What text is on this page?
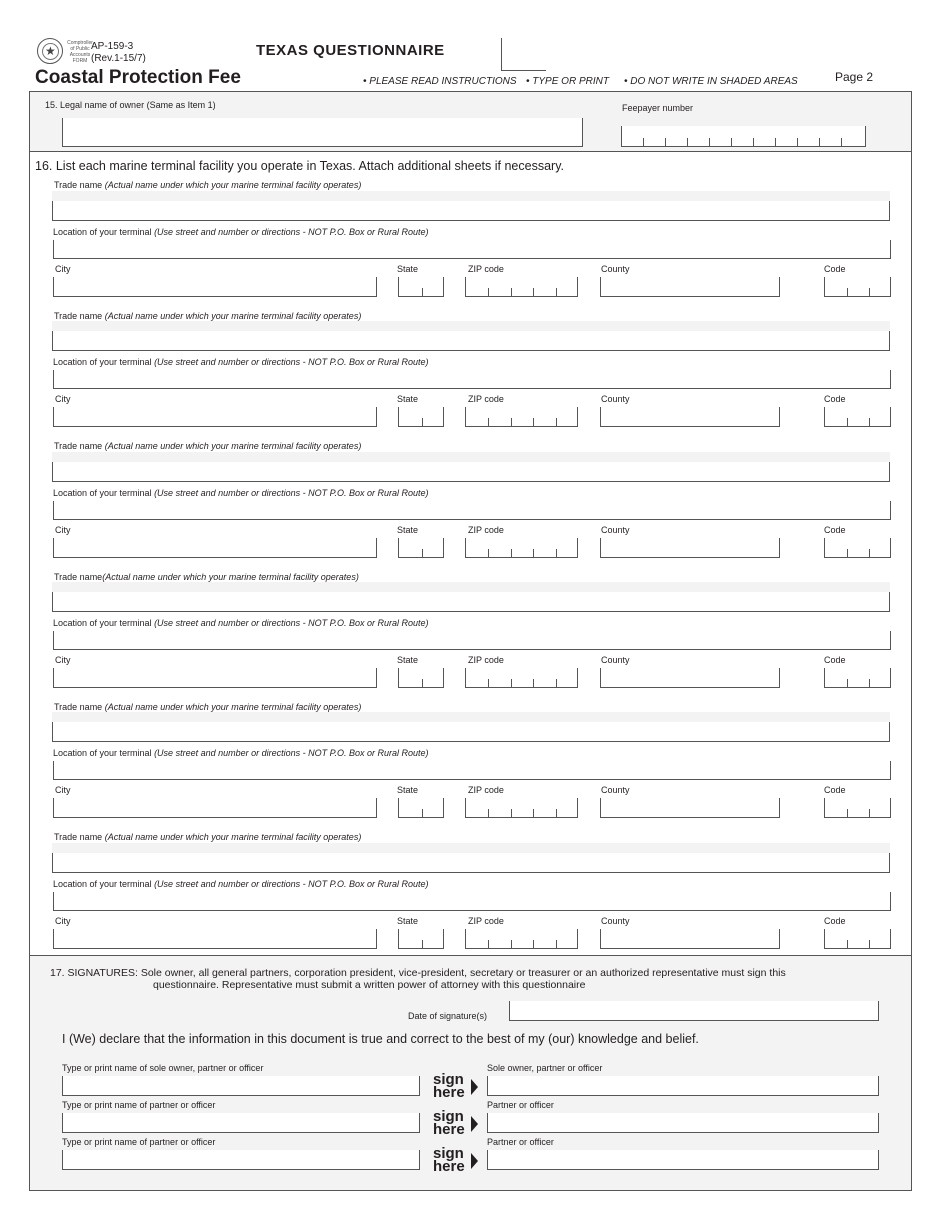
★
Comptroller of Public Accounts FORM
AP-159-3
(Rev.1-15/7)	TEXAS QUESTIONNAIRE
Coastal Protection Fee	• PLEASE READ INSTRUCTIONS • TYPE OR PRINT • DO NOT WRITE IN SHADED AREAS	Page 2
15. Legal name of owner (Same as Item 1)	Feepayer number
16. List each marine terminal facility you operate in Texas. Attach additional sheets if necessary.
Trade name (Actual name under which your marine terminal facility operates)
Location of your terminal (Use street and number or directions - NOT P.O. Box or Rural Route)
City	State	ZIP code	County	Code
Trade name (Actual name under which your marine terminal facility operates)
Location of your terminal (Use street and number or directions - NOT P.O. Box or Rural Route)
City	State	ZIP code	County	Code
Trade name (Actual name under which your marine terminal facility operates)
Location of your terminal (Use street and number or directions - NOT P.O. Box or Rural Route)
City	State	ZIP code	County	Code
Trade name(Actual name under which your marine terminal facility operates)
Location of your terminal (Use street and number or directions - NOT P.O. Box or Rural Route)
City	State	ZIP code	County	Code
Trade name (Actual name under which your marine terminal facility operates)
Location of your terminal (Use street and number or directions - NOT P.O. Box or Rural Route)
City	State	ZIP code	County	Code
Trade name (Actual name under which your marine terminal facility operates)
Location of your terminal (Use street and number or directions - NOT P.O. Box or Rural Route)
City	State	ZIP code	County	Code
17. SIGNATURES: Sole owner, all general partners, corporation president, vice-president, secretary or treasurer or an authorized representative must sign this
questionnaire. Representative must submit a written power of attorney with this questionnaire
Date of signature(s)
I (We) declare that the information in this document is true and correct to the best of my (our) knowledge and belief.
Type or print name of sole owner, partner or officer
sign
here
Sole owner, partner or officer
Type or print name of partner or officer
sign
here
Partner or officer
Type or print name of partner or officer
sign
here
Partner or officer
